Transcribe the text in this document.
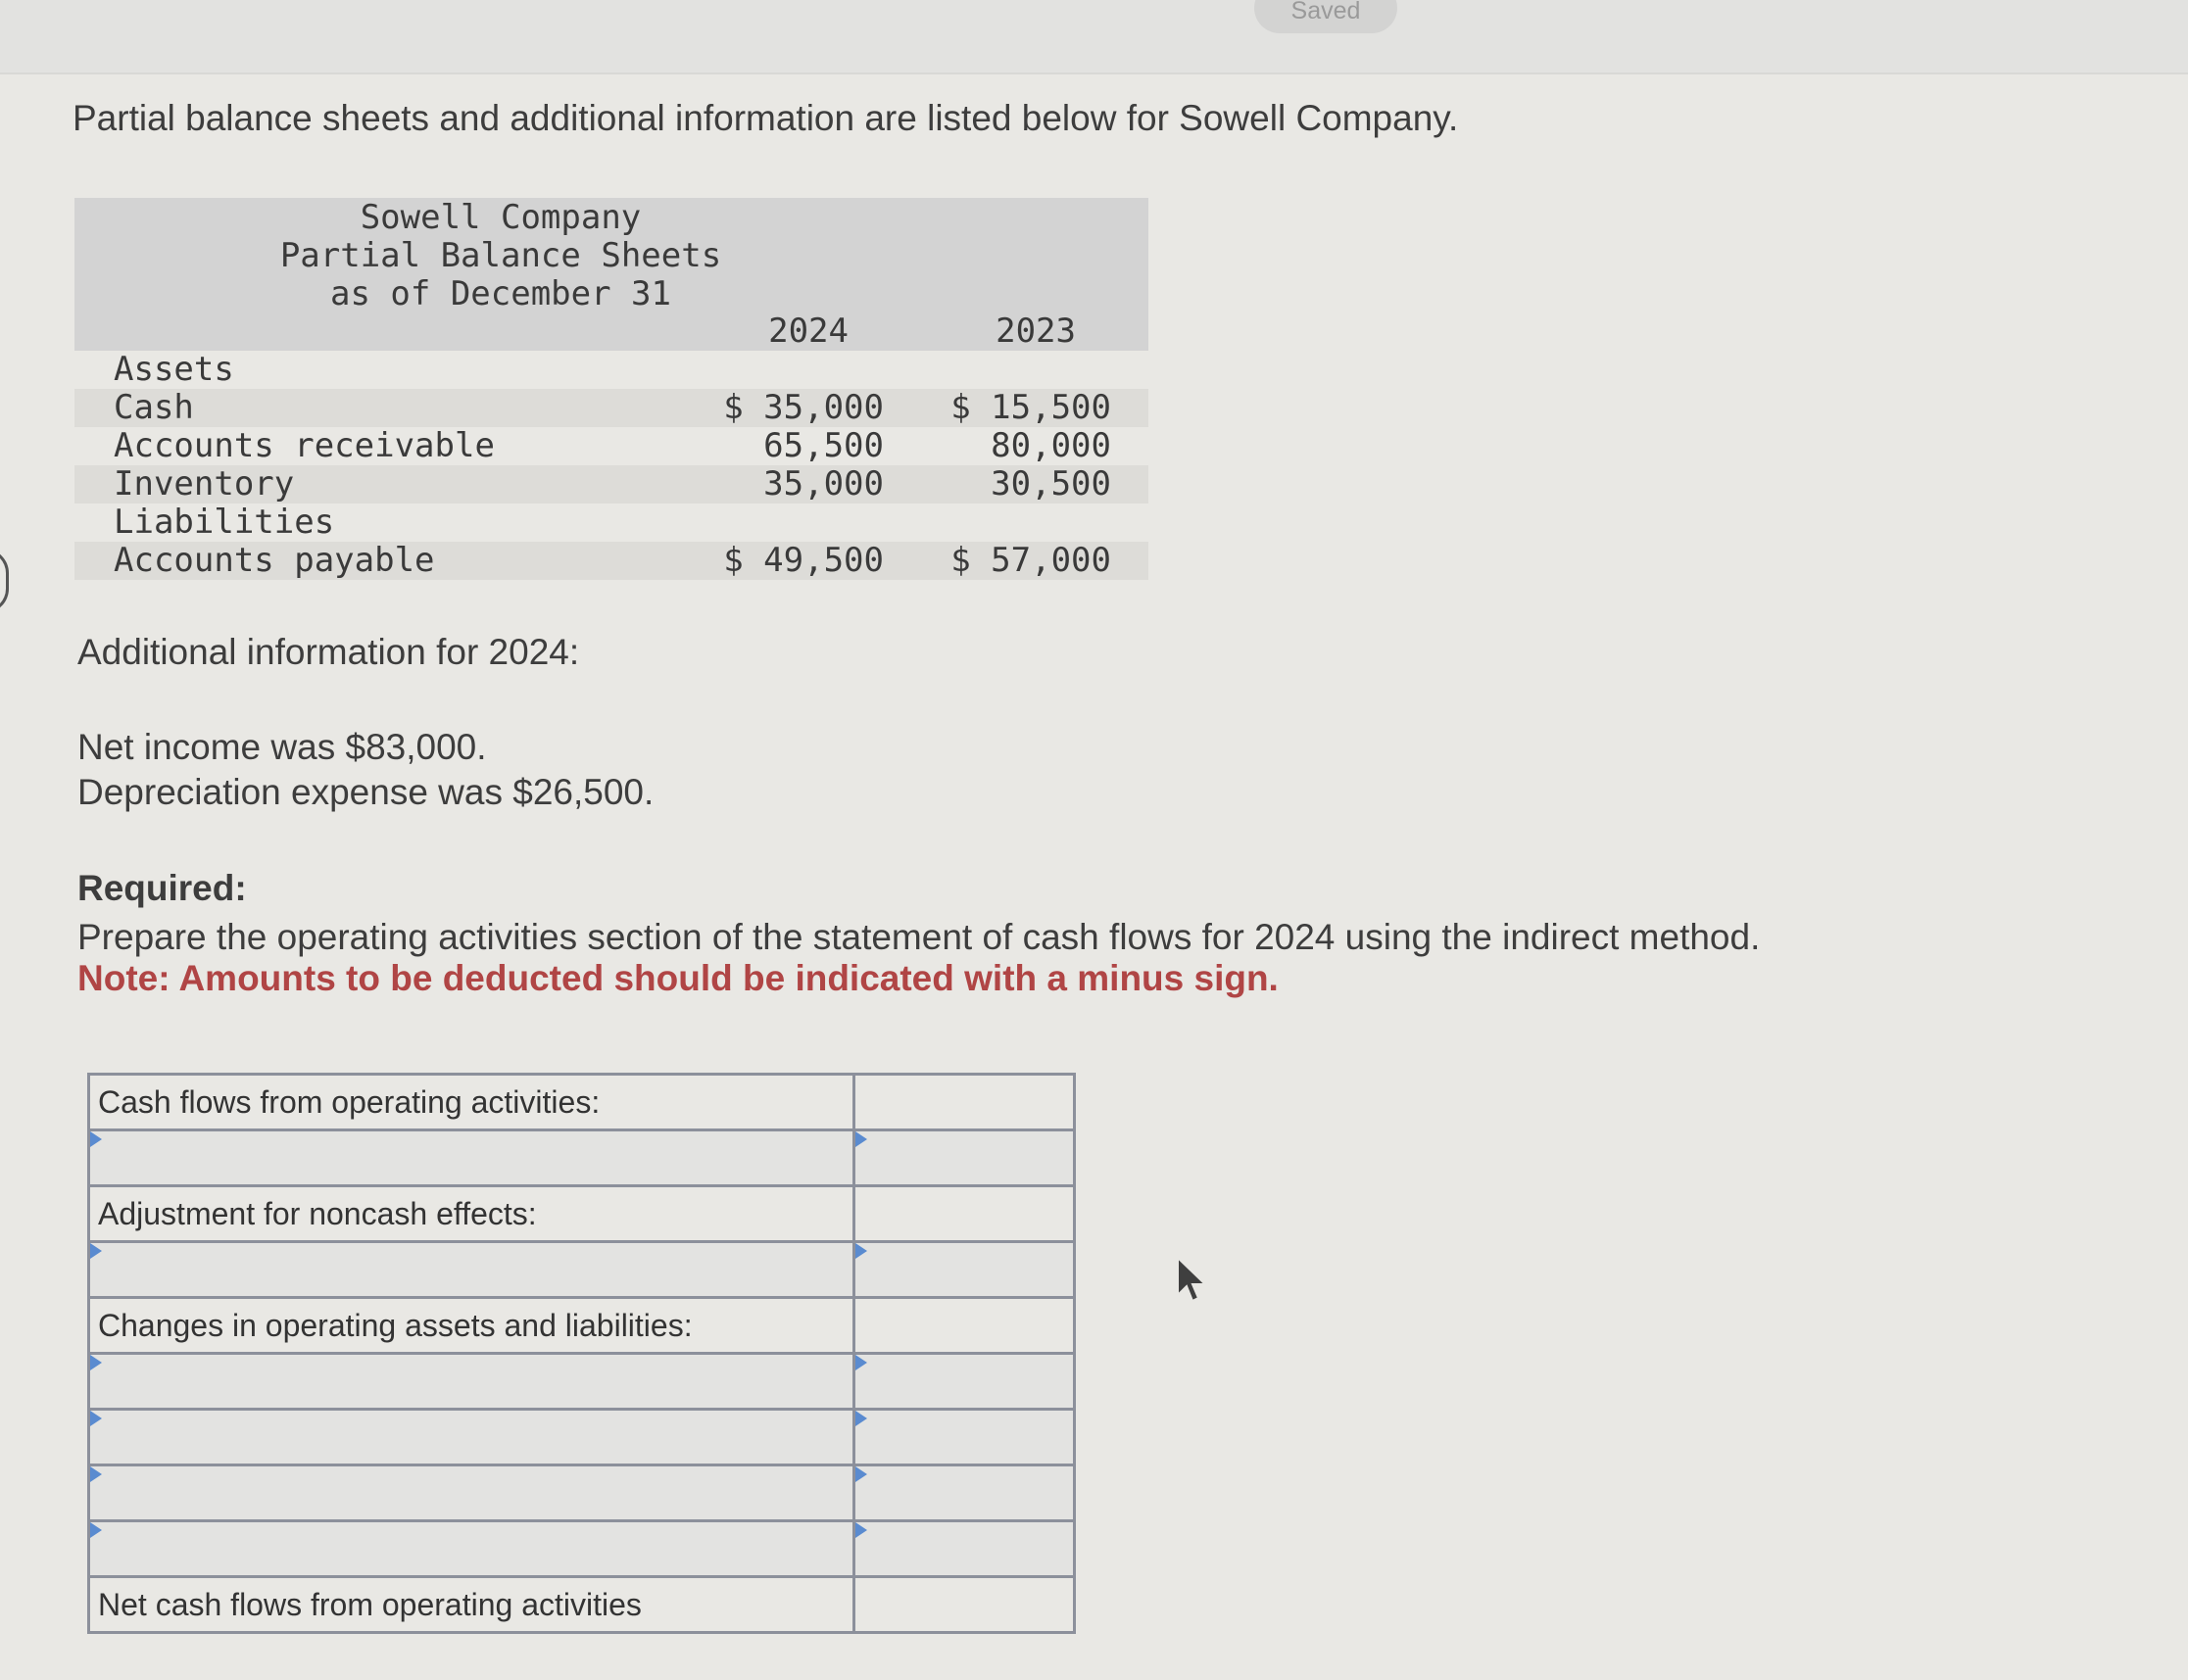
Saved
Partial balance sheets and additional information are listed below for Sowell Company.
Sowell Company
Partial Balance Sheets
as of December 31
2024	2023
Assets
Cash	$ 35,000 $ 15,500
Accounts receivable	65,500	80,000
Inventory	35,000	30,500
Liabilities
Accounts payable	$ 49,500 $ 57,000
Additional information for 2024:
Net income was $83,000.
Depreciation expense was $26,500.
Required:
Prepare the operating activities section of the statement of cash flows for 2024 using the indirect method.
Note: Amounts to be deducted should be indicated with a minus sign.
Cash flows from operating activities:	

Adjustment for noncash effects:	

Changes in operating assets and liabilities:	

Net cash flows from operating activities	
